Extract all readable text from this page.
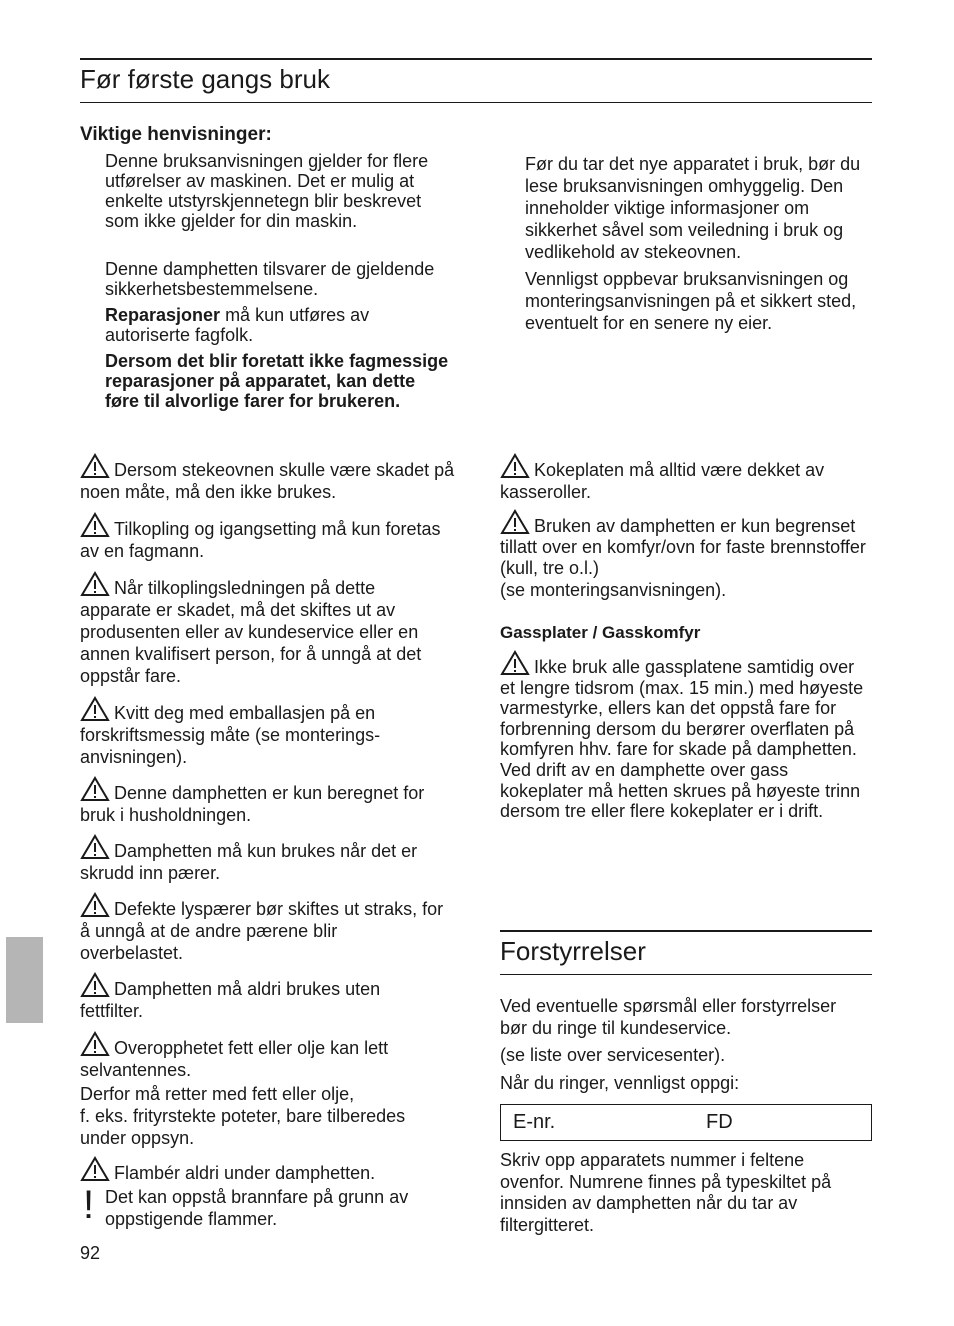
Før første gangs bruk
Viktige henvisninger:
Denne bruksanvisningen gjelder for flere utførelser av maskinen. Det er mulig at enkelte utstyrskjennetegn blir beskrevet som ikke gjelder for din maskin.
Denne damphetten tilsvarer de gjeldende sikkerhetsbestemmelsene.
Reparasjoner må kun utføres av autoriserte fagfolk.
Dersom det blir foretatt ikke fagmessige reparasjoner på apparatet, kan dette føre til alvorlige farer for brukeren.
Før du tar det nye apparatet i bruk, bør du lese bruksanvisningen omhyggelig. Den inneholder viktige informasjoner om sikkerhet såvel som veiledning i bruk og vedlikehold av stekeovnen.
Vennligst oppbevar bruksanvisningen og monteringsanvisningen på et sikkert sted, eventuelt for en senere ny eier.
Dersom stekeovnen skulle være skadet på noen måte, må den ikke brukes.
Tilkopling og igangsetting må kun foretas av en fagmann.
Når tilkoplingsledningen på dette apparate er skadet, må det skiftes ut av produsenten eller av kundeservice eller en annen kvalifisert person, for å unngå at det oppstår fare.
Kvitt deg med emballasjen på en forskriftsmessig måte (se monterings-anvisningen).
Denne damphetten er kun beregnet for bruk i husholdningen.
Damphetten må kun brukes når det er skrudd inn pærer.
Defekte lyspærer bør skiftes ut straks, for å unngå at de andre pærene blir overbelastet.
Damphetten må aldri brukes uten fettfilter.
Overopphetet fett eller olje kan lett selvantennes.
Derfor må retter med fett eller olje,
f. eks. frityrstekte poteter, bare tilberedes under oppsyn.
Flambér aldri under damphetten.
Det kan oppstå brannfare på grunn av oppstigende flammer.
!
Kokeplaten må alltid være dekket av kasseroller.
Bruken av damphetten er kun begrenset tillatt over en komfyr/ovn for faste brennstoffer (kull, tre o.l.)
(se monteringsanvisningen).
Gassplater / Gasskomfyr
Ikke bruk alle gassplatene samtidig over et lengre tidsrom (max. 15 min.) med høyeste varmestyrke, ellers kan det oppstå fare for forbrenning dersom du berører overflaten på komfyren hhv. fare for skade på damphetten. Ved drift av en damphette over gass kokeplater må hetten skrues på høyeste trinn dersom tre eller flere kokeplater er i drift.
Forstyrrelser
Ved eventuelle spørsmål eller forstyrrelser bør du ringe til kundeservice.
(se liste over servicesenter).
Når du ringer, vennligst oppgi:
E-nr.	FD
Skriv opp apparatets nummer i feltene ovenfor. Numrene finnes på typeskiltet på innsiden av damphetten når du tar av filtergitteret.
92
